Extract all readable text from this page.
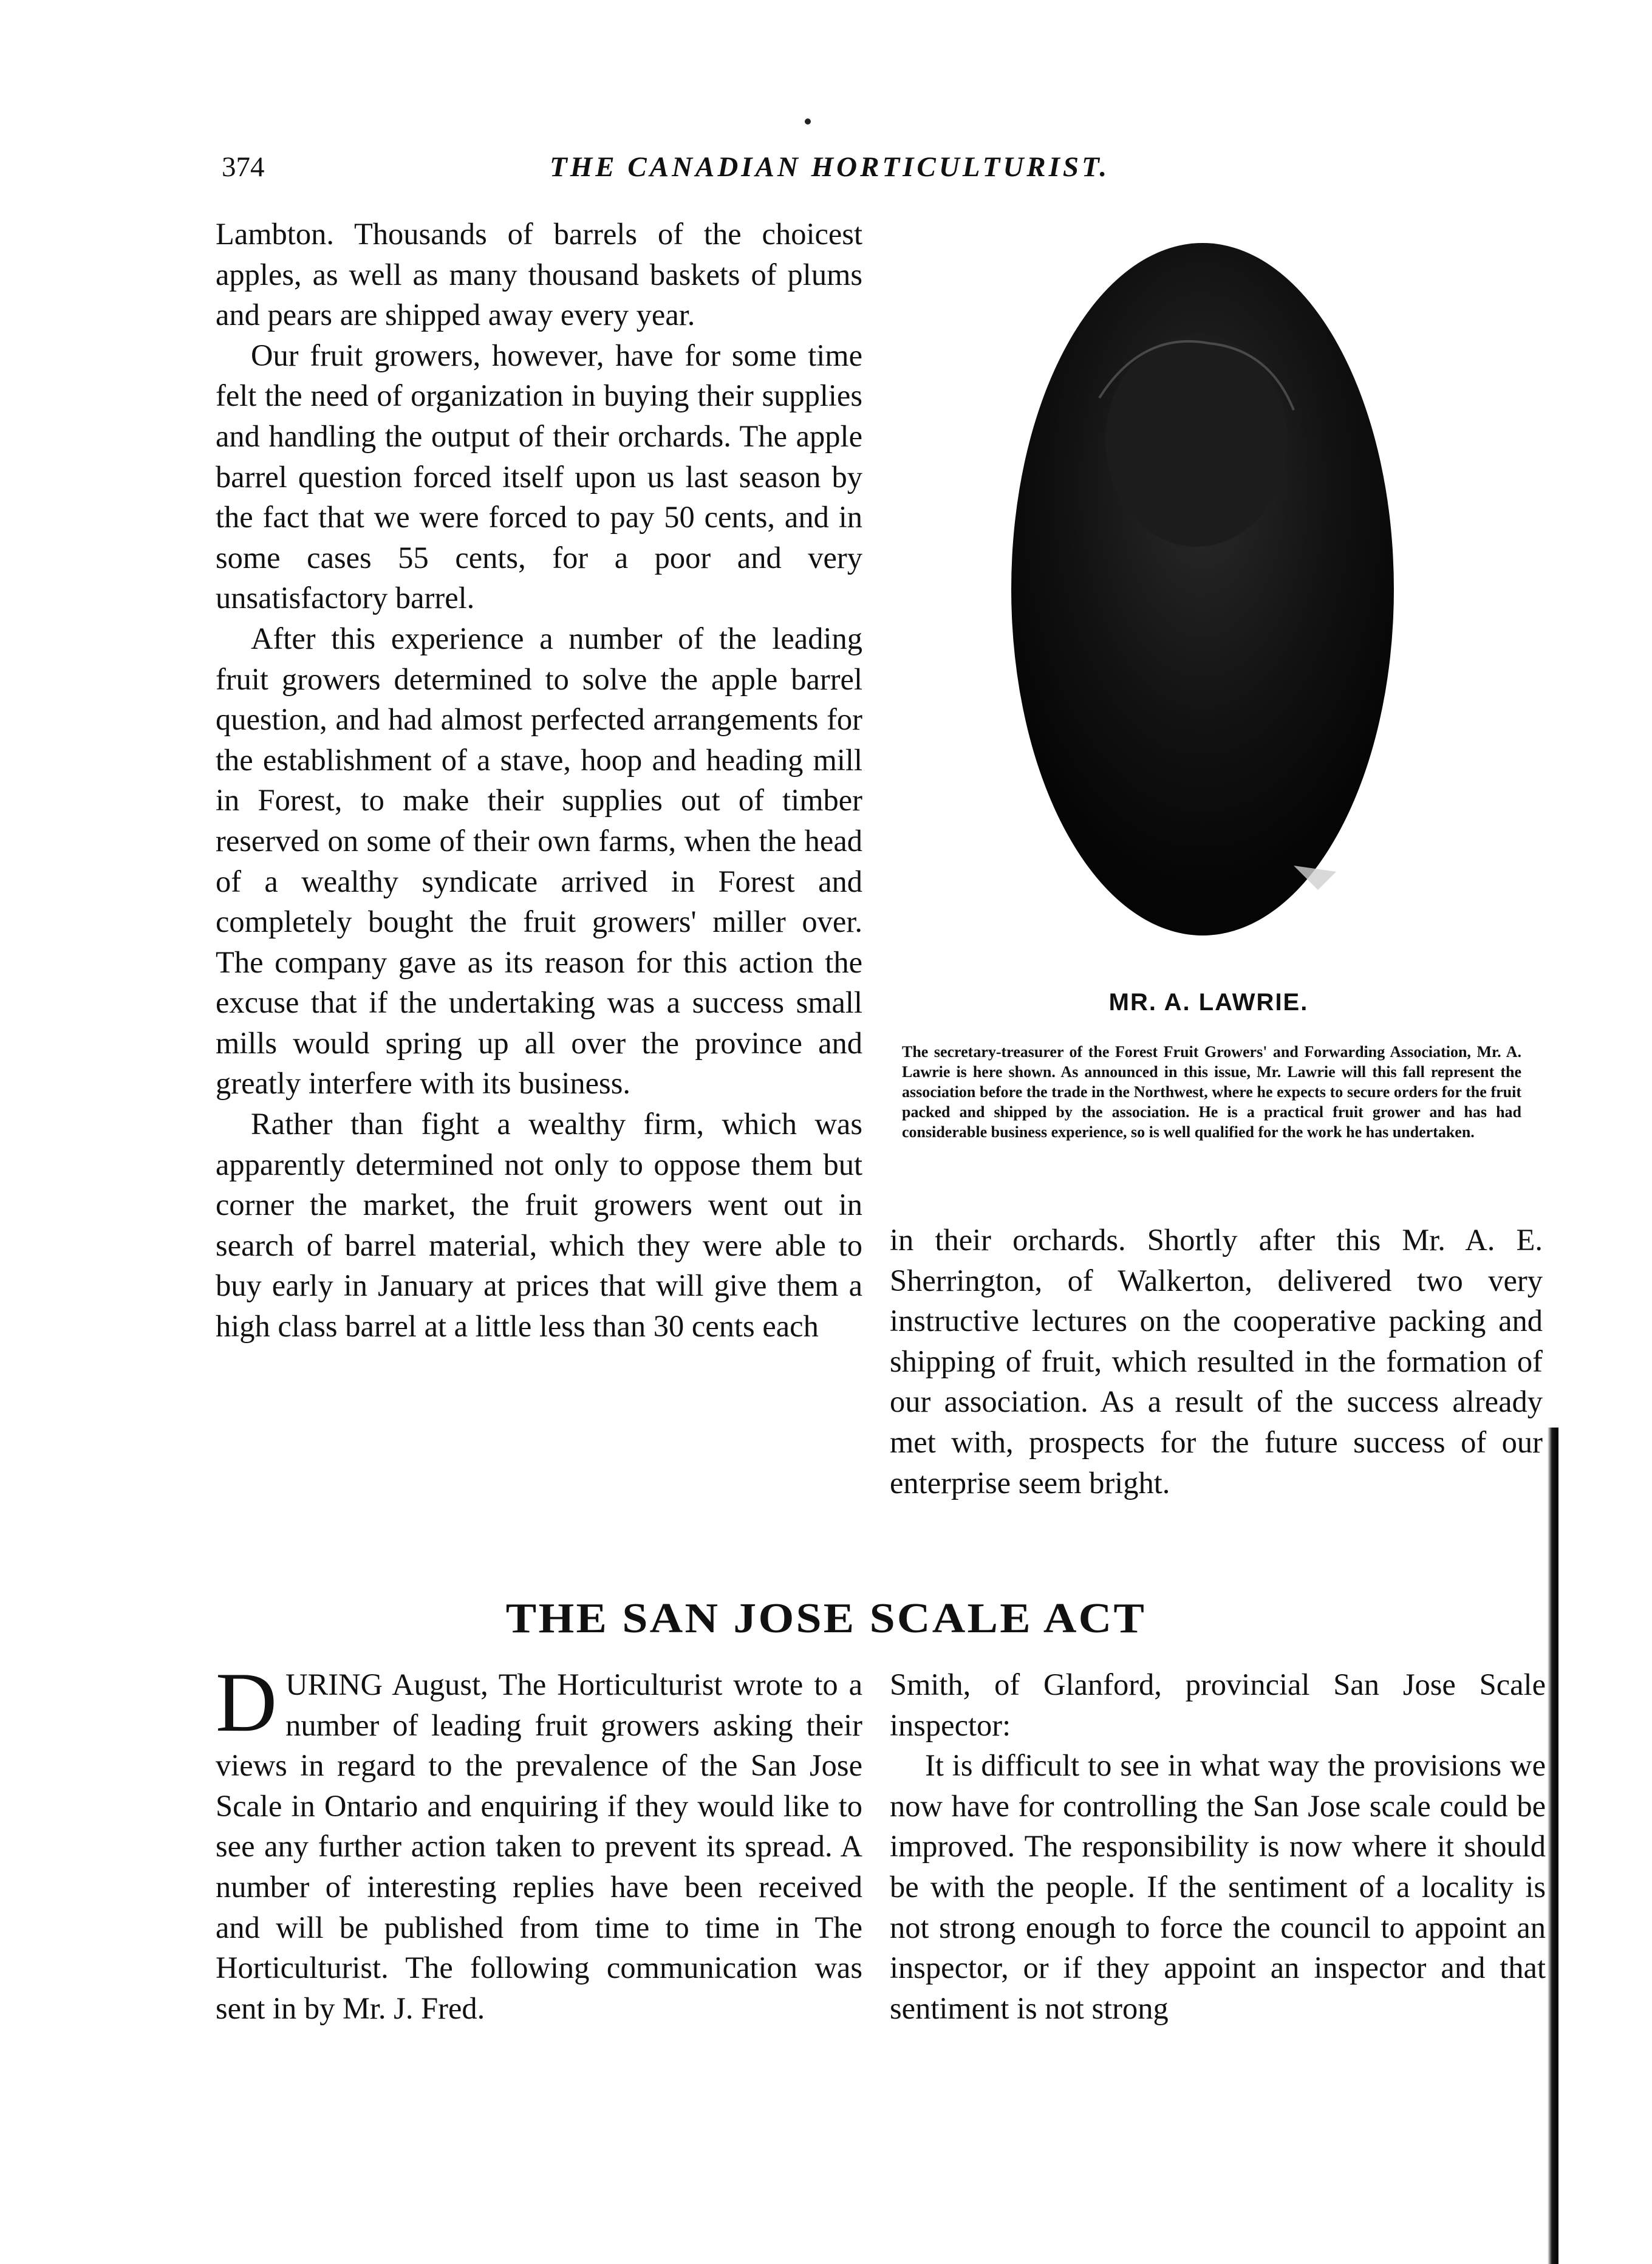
374	THE CANADIAN HORTICULTURIST.

Lambton. Thousands of barrels of the choicest apples, as well as many thousand baskets of plums and pears are shipped away every year.

Our fruit growers, however, have for some time felt the need of organization in buying their supplies and handling the output of their orchards. The apple barrel question forced itself upon us last season by the fact that we were forced to pay 50 cents, and in some cases 55 cents, for a poor and very unsatisfactory barrel.

After this experience a number of the leading fruit growers determined to solve the apple barrel question, and had almost perfected arrangements for the establishment of a stave, hoop and heading mill in Forest, to make their supplies out of timber reserved on some of their own farms, when the head of a wealthy syndicate arrived in Forest and completely bought the fruit growers' miller over. The company gave as its reason for this action the excuse that if the undertaking was a success small mills would spring up all over the province and greatly interfere with its business.

Rather than fight a wealthy firm, which was apparently determined not only to oppose them but corner the market, the fruit growers went out in search of barrel material, which they were able to buy early in January at prices that will give them a high class barrel at a little less than 30 cents each

MR. A. LAWRIE.
The secretary-treasurer of the Forest Fruit Growers' and Forwarding Association, Mr. A. Lawrie is here shown. As announced in this issue, Mr. Lawrie will this fall represent the association before the trade in the Northwest, where he expects to secure orders for the fruit packed and shipped by the association. He is a practical fruit grower and has had considerable business experience, so is well qualified for the work he has undertaken.

in their orchards. Shortly after this Mr. A. E. Sherrington, of Walkerton, delivered two very instructive lectures on the cooperative packing and shipping of fruit, which resulted in the formation of our association. As a result of the success already met with, prospects for the future success of our enterprise seem bright.

THE SAN JOSE SCALE ACT

DURING August, The Horticulturist wrote to a number of leading fruit growers asking their views in regard to the prevalence of the San Jose Scale in Ontario and enquiring if they would like to see any further action taken to prevent its spread. A number of interesting replies have been received and will be published from time to time in The Horticulturist. The following communication was sent in by Mr. J. Fred.

Smith, of Glanford, provincial San Jose Scale inspector:

It is difficult to see in what way the provisions we now have for controlling the San Jose scale could be improved. The responsibility is now where it should be with the people. If the sentiment of a locality is not strong enough to force the council to appoint an inspector, or if they appoint an inspector and that sentiment is not strong
